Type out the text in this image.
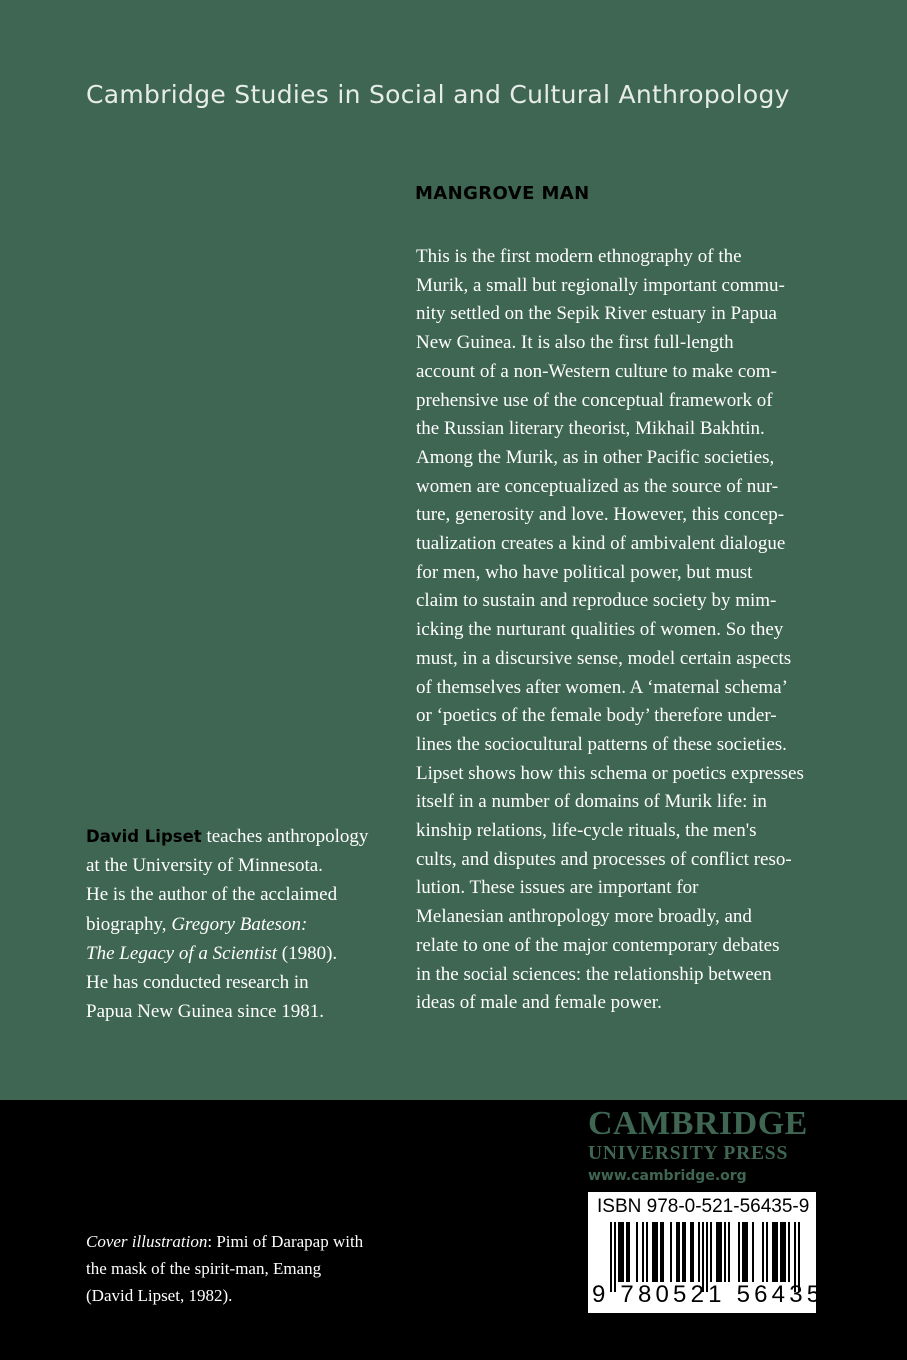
Cambridge Studies in Social and Cultural Anthropology
MANGROVE MAN
This is the first modern ethnography of the
Murik, a small but regionally important commu-
nity settled on the Sepik River estuary in Papua
New Guinea. It is also the first full-length
account of a non-Western culture to make com-
prehensive use of the conceptual framework of
the Russian literary theorist, Mikhail Bakhtin.
Among the Murik, as in other Pacific societies,
women are conceptualized as the source of nur-
ture, generosity and love. However, this concep-
tualization creates a kind of ambivalent dialogue
for men, who have political power, but must
claim to sustain and reproduce society by mim-
icking the nurturant qualities of women. So they
must, in a discursive sense, model certain aspects
of themselves after women. A ‘maternal schema’
or ‘poetics of the female body’ therefore under-
lines the sociocultural patterns of these societies.
Lipset shows how this schema or poetics expresses
itself in a number of domains of Murik life: in
kinship relations, life-cycle rituals, the men's
cults, and disputes and processes of conflict reso-
lution. These issues are important for
Melanesian anthropology more broadly, and
relate to one of the major contemporary debates
in the social sciences: the relationship between
ideas of male and female power.
David Lipset teaches anthropology
at the University of Minnesota.
He is the author of the acclaimed
biography, Gregory Bateson:
The Legacy of a Scientist (1980).
He has conducted research in
Papua New Guinea since 1981.
Cover illustration: Pimi of Darapap with
the mask of the spirit-man, Emang
(David Lipset, 1982).
CAMBRIDGE
UNIVERSITY PRESS
www.cambridge.org
ISBN 978-0-521-56435-9
9 780521 564359
